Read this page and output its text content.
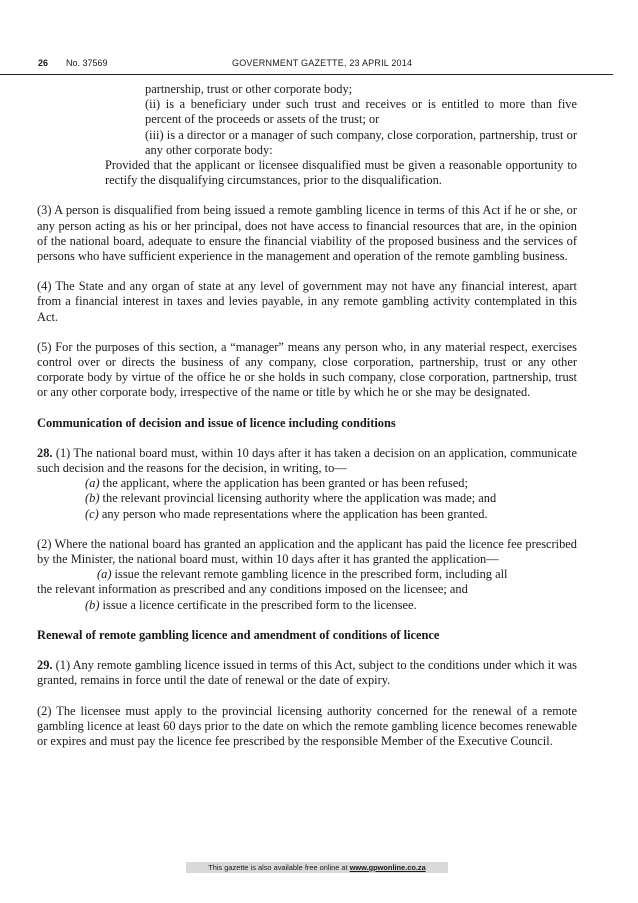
26 No. 37569	GOVERNMENT GAZETTE, 23 APRIL 2014

partnership, trust or other corporate body;

(ii) is a beneficiary under such trust and receives or is entitled to more than five percent of the proceeds or assets of the trust; or

(iii) is a director or a manager of such company, close corporation, partnership, trust or any other corporate body:

Provided that the applicant or licensee disqualified must be given a reasonable opportunity to rectify the disqualifying circumstances, prior to the disqualification.

(3) A person is disqualified from being issued a remote gambling licence in terms of this Act if he or she, or any person acting as his or her principal, does not have access to financial resources that are, in the opinion of the national board, adequate to ensure the financial viability of the proposed business and the services of persons who have sufficient experience in the management and operation of the remote gambling business.

(4) The State and any organ of state at any level of government may not have any financial interest, apart from a financial interest in taxes and levies payable, in any remote gambling activity contemplated in this Act.

(5) For the purposes of this section, a “manager” means any person who, in any material respect, exercises control over or directs the business of any company, close corporation, partnership, trust or any other corporate body by virtue of the office he or she holds in such company, close corporation, partnership, trust or any other corporate body, irrespective of the name or title by which he or she may be designated.

Communication of decision and issue of licence including conditions

28. (1) The national board must, within 10 days after it has taken a decision on an application, communicate such decision and the reasons for the decision, in writing, to—

(a) the applicant, where the application has been granted or has been refused;

(b) the relevant provincial licensing authority where the application was made; and

(c) any person who made representations where the application has been granted.

(2) Where the national board has granted an application and the applicant has paid the licence fee prescribed by the Minister, the national board must, within 10 days after it has granted the application—

(a) issue the relevant remote gambling licence in the prescribed form, including all

the relevant information as prescribed and any conditions imposed on the licensee; and

(b) issue a licence certificate in the prescribed form to the licensee.

Renewal of remote gambling licence and amendment of conditions of licence

29. (1) Any remote gambling licence issued in terms of this Act, subject to the conditions under which it was granted, remains in force until the date of renewal or the date of expiry.

(2) The licensee must apply to the provincial licensing authority concerned for the renewal of a remote gambling licence at least 60 days prior to the date on which the remote gambling licence becomes renewable or expires and must pay the licence fee prescribed by the responsible Member of the Executive Council.

This gazette is also available free online at www.gpwonline.co.za
